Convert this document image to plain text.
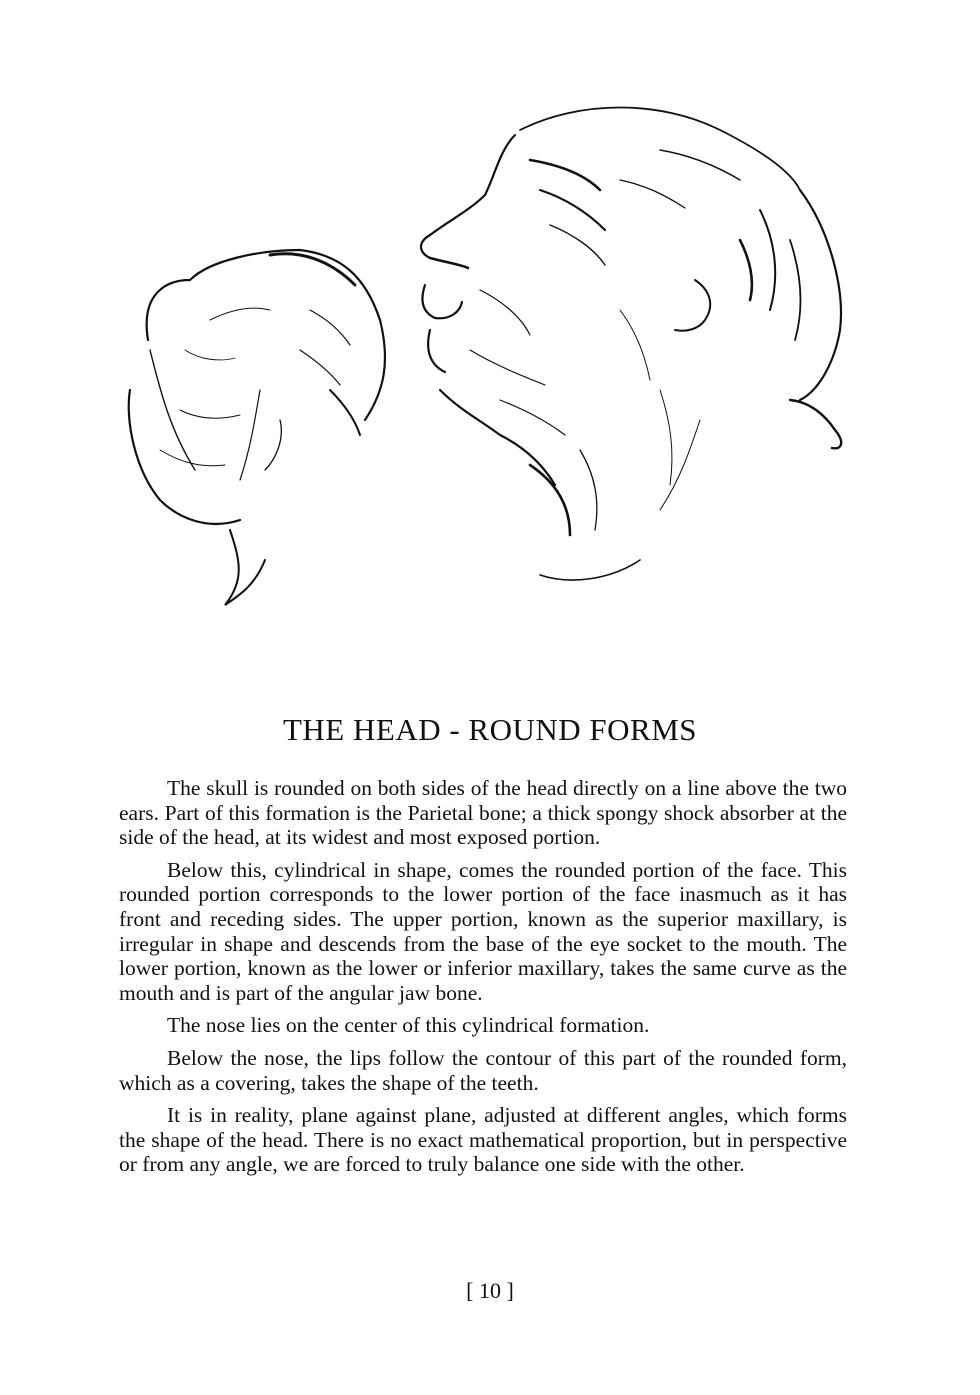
THE HEAD - ROUND FORMS

The skull is rounded on both sides of the head directly on a line above the two ears. Part of this formation is the Parietal bone; a thick spongy shock absorber at the side of the head, at its widest and most exposed portion.

Below this, cylindrical in shape, comes the rounded portion of the face. This rounded portion corresponds to the lower portion of the face inasmuch as it has front and receding sides. The upper portion, known as the superior maxillary, is irregular in shape and descends from the base of the eye socket to the mouth. The lower portion, known as the lower or inferior maxillary, takes the same curve as the mouth and is part of the angular jaw bone.

The nose lies on the center of this cylindrical formation.

Below the nose, the lips follow the contour of this part of the rounded form, which as a covering, takes the shape of the teeth.

It is in reality, plane against plane, adjusted at different angles, which forms the shape of the head. There is no exact mathematical proportion, but in perspective or from any angle, we are forced to truly balance one side with the other.

[ 10 ]
